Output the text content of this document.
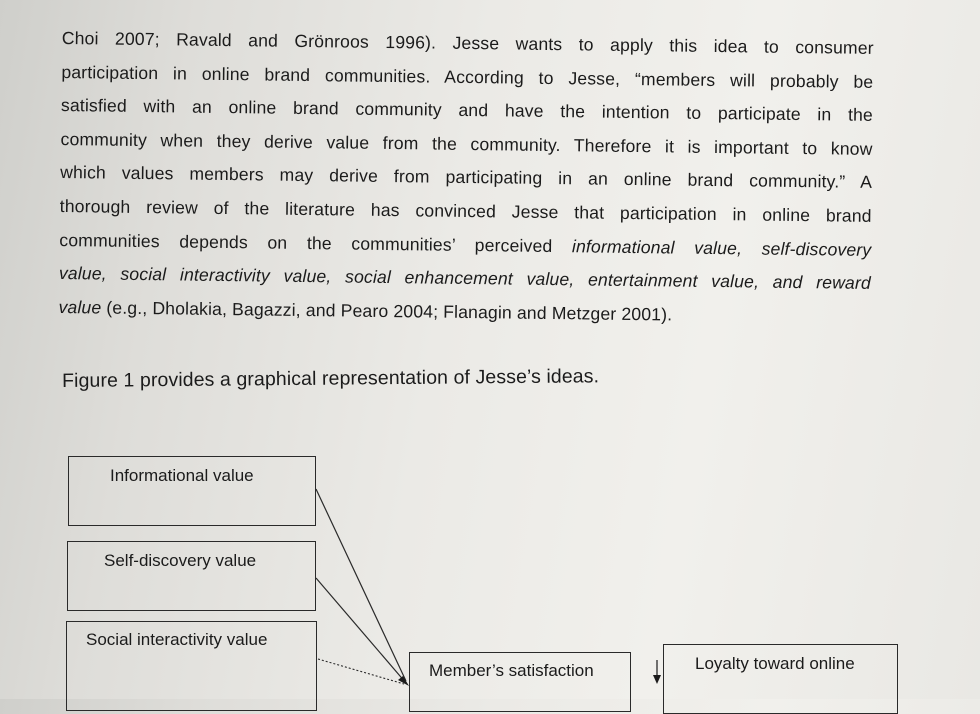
Choi 2007; Ravald and Grönroos 1996). Jesse wants to apply this idea to consumer
participation in online brand communities. According to Jesse, “members will probably be
satisfied with an online brand community and have the intention to participate in the
community when they derive value from the community. Therefore it is important to know
which values members may derive from participating in an online brand community.” A
thorough review of the literature has convinced Jesse that participation in online brand
communities depends on the communities’ perceived informational value, self-discovery
value, social interactivity value, social enhancement value, entertainment value, and reward
value (e.g., Dholakia, Bagazzi, and Pearo 2004; Flanagin and Metzger 2001).
Figure 1 provides a graphical representation of Jesse’s ideas.
Informational value
Self-discovery value
Social interactivity value
Member’s satisfaction	Loyalty toward online
